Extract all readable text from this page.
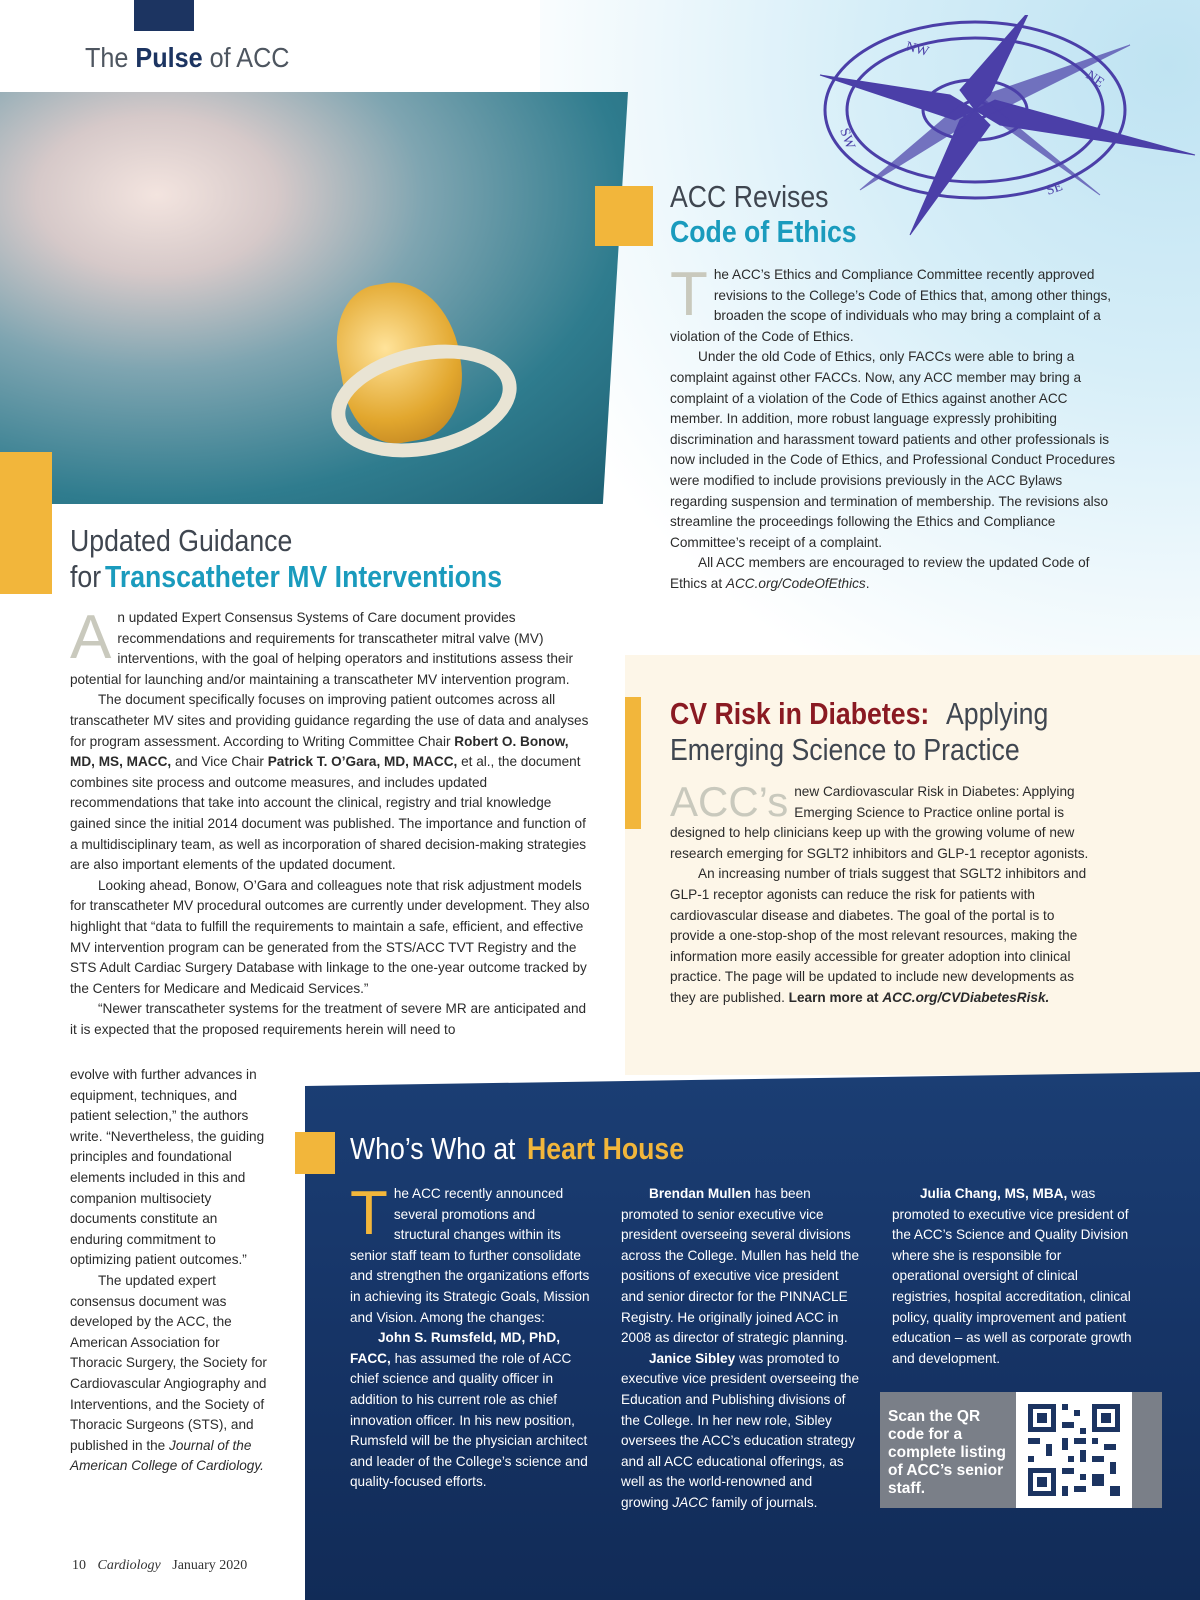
NW
NE
SW
SE
The Pulse of ACC
ACC Revises
Code of Ethics
T he ACC’s Ethics and Compliance Committee recently approved revisions to the College’s Code of Ethics that, among other things, broaden the scope of individuals who may bring a complaint of a violation of the Code of Ethics.

Under the old Code of Ethics, only FACCs were able to bring a complaint against other FACCs. Now, any ACC member may bring a complaint of a violation of the Code of Ethics against another ACC member. In addition, more robust language expressly prohibiting discrimination and harassment toward patients and other professionals is now included in the Code of Ethics, and Professional Conduct Procedures were modified to include provisions previously in the ACC Bylaws regarding suspension and termination of membership. The revisions also streamline the proceedings following the Ethics and Compliance Committee’s receipt of a complaint.

All ACC members are encouraged to review the updated Code of Ethics at ACC.org/CodeOfEthics.

Updated Guidance
for Transcatheter MV Interventions
A n updated Expert Consensus Systems of Care document provides recommendations and requirements for transcatheter mitral valve (MV) interventions, with the goal of helping operators and institutions assess their potential for launching and/or maintaining a transcatheter MV intervention program.

The document specifically focuses on improving patient outcomes across all transcatheter MV sites and providing guidance regarding the use of data and analyses for program assessment. According to Writing Committee Chair Robert O. Bonow, MD, MS, MACC, and Vice Chair Patrick T. O’Gara, MD, MACC, et al., the document combines site process and outcome measures, and includes updated recommendations that take into account the clinical, registry and trial knowledge gained since the initial 2014 document was published. The importance and function of a multidisciplinary team, as well as incorporation of shared decision-making strategies are also important elements of the updated document.

Looking ahead, Bonow, O’Gara and colleagues note that risk adjustment models for transcatheter MV procedural outcomes are currently under development. They also highlight that “data to fulfill the requirements to maintain a safe, efficient, and effective MV intervention program can be generated from the STS/ACC TVT Registry and the STS Adult Cardiac Surgery Database with linkage to the one-year outcome tracked by the Centers for Medicare and Medicaid Services.”

“Newer transcatheter systems for the treatment of severe MR are anticipated and it is expected that the proposed requirements herein will need to

evolve with further advances in equipment, techniques, and patient selection,” the authors write. “Nevertheless, the guiding principles and foundational elements included in this and companion multisociety documents constitute an enduring commitment to optimizing patient outcomes.”

The updated expert consensus document was developed by the ACC, the American Association for Thoracic Surgery, the Society for Cardiovascular Angiography and Interventions, and the Society of Thoracic Surgeons (STS), and published in the Journal of the American College of Cardiology.

CV Risk in Diabetes: Applying
Emerging Science to Practice
ACC’s new Cardiovascular Risk in Diabetes: Applying Emerging Science to Practice online portal is designed to help clinicians keep up with the growing volume of new research emerging for SGLT2 inhibitors and GLP-1 receptor agonists.

An increasing number of trials suggest that SGLT2 inhibitors and GLP-1 receptor agonists can reduce the risk for patients with cardiovascular disease and diabetes. The goal of the portal is to provide a one-stop-shop of the most relevant resources, making the information more easily accessible for greater adoption into clinical practice. The page will be updated to include new developments as they are published. Learn more at ACC.org/CVDiabetesRisk.

Who’s Who at Heart House
T he ACC recently announced several promotions and structural changes within its senior staff team to further consolidate and strengthen the organizations efforts in achieving its Strategic Goals, Mission and Vision. Among the changes:

John S. Rumsfeld, MD, PhD, FACC, has assumed the role of ACC chief science and quality officer in addition to his current role as chief innovation officer. In his new position, Rumsfeld will be the physician architect and leader of the College’s science and quality-focused efforts.

Brendan Mullen has been promoted to senior executive vice president overseeing several divisions across the College. Mullen has held the positions of executive vice president and senior director for the PINNACLE Registry. He originally joined ACC in 2008 as director of strategic planning.

Janice Sibley was promoted to executive vice president overseeing the Education and Publishing divisions of the College. In her new role, Sibley oversees the ACC’s education strategy and all ACC educational offerings, as well as the world-renowned and growing JACC family of journals.

Julia Chang, MS, MBA, was promoted to executive vice president of the ACC’s Science and Quality Division where she is responsible for operational oversight of clinical registries, hospital accreditation, clinical policy, quality improvement and patient education – as well as corporate growth and development.

Scan the QR code for a complete listing of ACC’s senior staff.
10 Cardiology January 2020
